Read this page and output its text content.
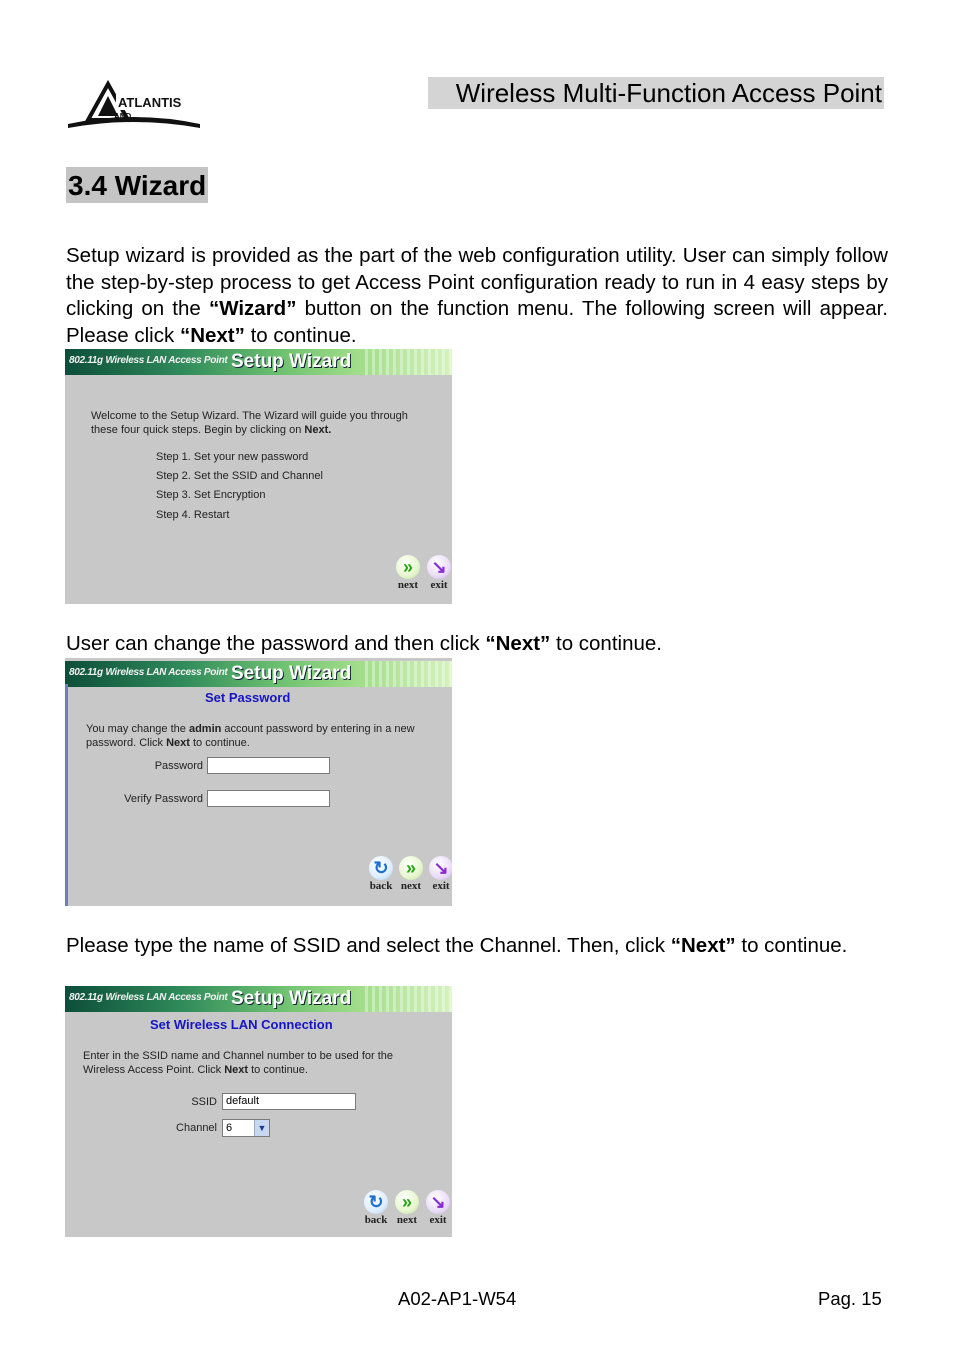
ATLANTIS
AND
Wireless Multi-Function Access Point
3.4 Wizard
Setup wizard is provided as the part of the web configuration utility. User can simply follow the step-by-step process to get Access Point configuration ready to run in 4 easy steps by clicking on the “Wizard” button on the function menu. The following screen will appear. Please click “Next” to continue.
802.11g Wireless LAN Access Point Setup Wizard
Welcome to the Setup Wizard. The Wizard will guide you through
these four quick steps. Begin by clicking on Next.
Step 1. Set your new password
Step 2. Set the SSID and Channel
Step 3. Set Encryption
Step 4. Restart
»
next
↘
exit
User can change the password and then click “Next” to continue.
802.11g Wireless LAN Access Point Setup Wizard
Set Password
You may change the admin account password by entering in a new
password. Click Next to continue.
Password
Verify Password
↻
back
»
next
↘
exit
Please type the name of SSID and select the Channel. Then, click “Next” to continue.
802.11g Wireless LAN Access Point Setup Wizard
Set Wireless LAN Connection
Enter in the SSID name and Channel number to be used for the
Wireless Access Point. Click Next to continue.
SSID default
Channel 6	▼
↻
back
»
next
↘
exit
A02-AP1-W54	Pag. 15
